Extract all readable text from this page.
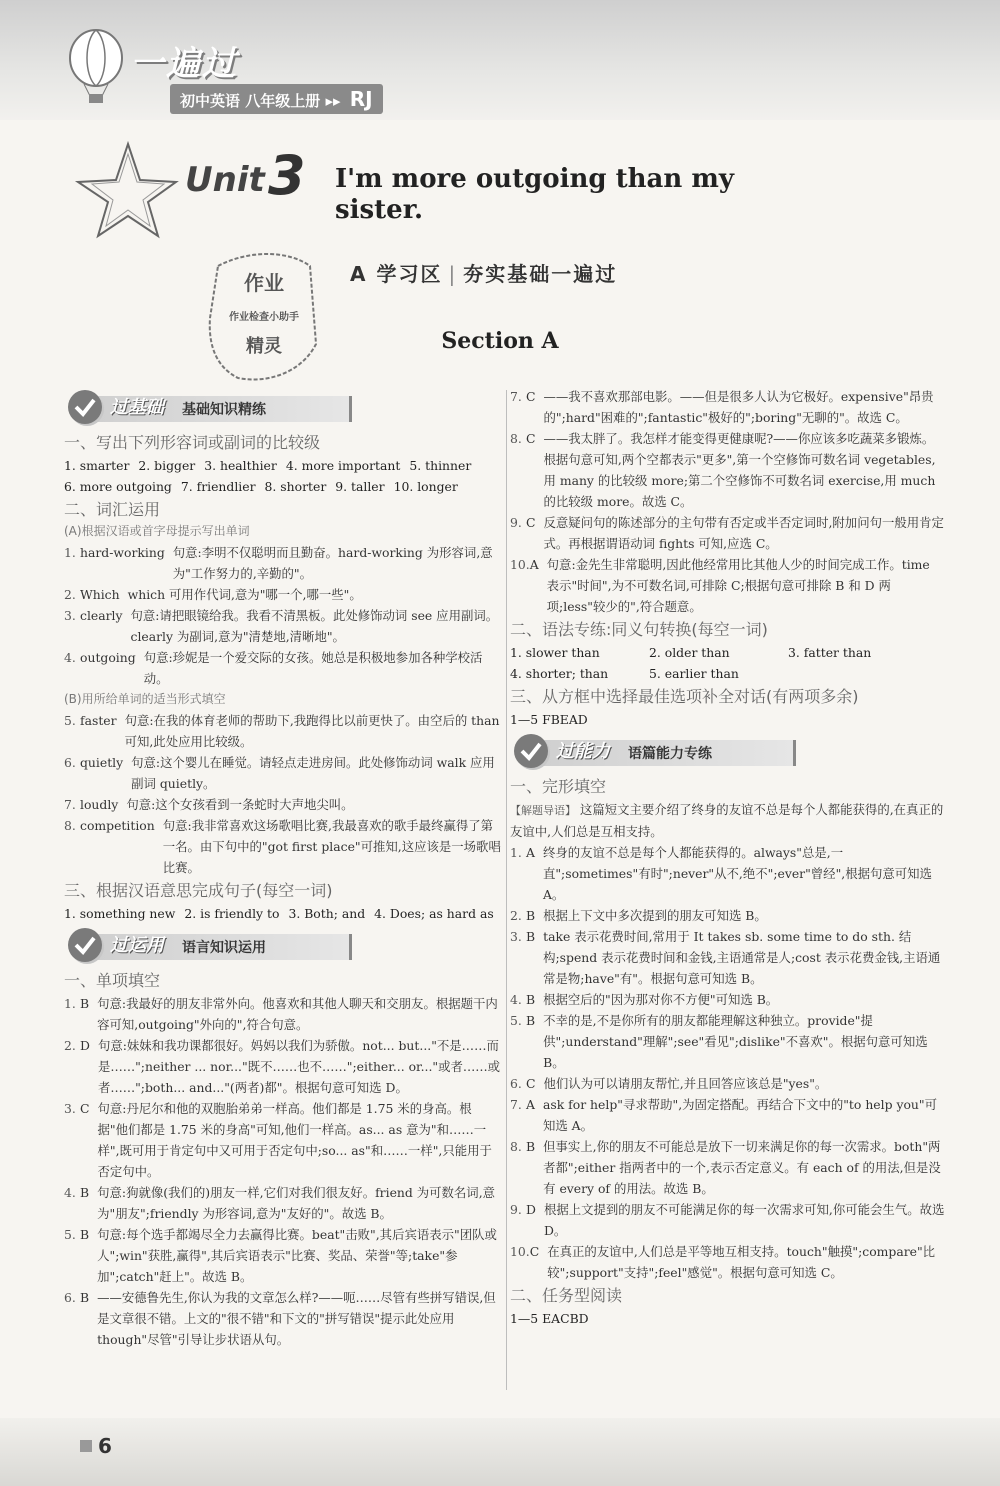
一遍过
初中英语 八年级上册 ▸▸ RJ
Unit 3 I'm more outgoing than my sister.
A 学习区 | 夯实基础一遍过
作业
作业检查小助手
精灵	Section A
过基础 基础知识精练
一、写出下列形容词或副词的比较级
1. smarter 2. bigger 3. healthier 4. more important 5. thinner
6. more outgoing 7. friendlier 8. shorter 9. taller 10. longer
二、词汇运用
(A)根据汉语或首字母提示写出单词
1. hard-working 句意:李明不仅聪明而且勤奋。hard-working 为形容词,意为"工作努力的,辛勤的"。
2. Which which 可用作代词,意为"哪一个,哪一些"。
3. clearly 句意:请把眼镜给我。我看不清黑板。此处修饰动词 see 应用副词。clearly 为副词,意为"清楚地,清晰地"。
4. outgoing 句意:珍妮是一个爱交际的女孩。她总是积极地参加各种学校活动。
(B)用所给单词的适当形式填空
5. faster 句意:在我的体育老师的帮助下,我跑得比以前更快了。由空后的 than 可知,此处应用比较级。
6. quietly 句意:这个婴儿在睡觉。请轻点走进房间。此处修饰动词 walk 应用副词 quietly。
7. loudly 句意:这个女孩看到一条蛇时大声地尖叫。
8. competition 句意:我非常喜欢这场歌唱比赛,我最喜欢的歌手最终赢得了第一名。由下句中的"got first place"可推知,这应该是一场歌唱比赛。
三、根据汉语意思完成句子(每空一词)
1. something new 2. is friendly to 3. Both; and 4. Does; as hard as
过运用 语言知识运用
一、单项填空
1. B 句意:我最好的朋友非常外向。他喜欢和其他人聊天和交朋友。根据题干内容可知,outgoing"外向的",符合句意。
2. D 句意:妹妹和我功课都很好。妈妈以我们为骄傲。not... but..."不是……而是……";neither ... nor..."既不……也不……";either... or..."或者……或者……";both... and..."(两者)都"。根据句意可知选 D。
3. C 句意:丹尼尔和他的双胞胎弟弟一样高。他们都是 1.75 米的身高。根据"他们都是 1.75 米的身高"可知,他们一样高。as... as 意为"和……一样",既可用于肯定句中又可用于否定句中;so... as"和……一样",只能用于否定句中。
4. B 句意:狗就像(我们的)朋友一样,它们对我们很友好。friend 为可数名词,意为"朋友";friendly 为形容词,意为"友好的"。故选 B。
5. B 句意:每个选手都竭尽全力去赢得比赛。beat"击败",其后宾语表示"团队或人";win"获胜,赢得",其后宾语表示"比赛、奖品、荣誉"等;take"参加";catch"赶上"。故选 B。
6. B ——安德鲁先生,你认为我的文章怎么样?——呃……尽管有些拼写错误,但是文章很不错。上文的"很不错"和下文的"拼写错误"提示此处应用 though"尽管"引导让步状语从句。
7. C ——我不喜欢那部电影。——但是很多人认为它极好。expensive"昂贵的";hard"困难的";fantastic"极好的";boring"无聊的"。故选 C。
8. C ——我太胖了。我怎样才能变得更健康呢?——你应该多吃蔬菜多锻炼。根据句意可知,两个空都表示"更多",第一个空修饰可数名词 vegetables,用 many 的比较级 more;第二个空修饰不可数名词 exercise,用 much 的比较级 more。故选 C。
9. C 反意疑问句的陈述部分的主句带有否定或半否定词时,附加问句一般用肯定式。再根据谓语动词 fights 可知,应选 C。
10. A 句意:金先生非常聪明,因此他经常用比其他人少的时间完成工作。time 表示"时间",为不可数名词,可排除 C;根据句意可排除 B 和 D 两项;less"较少的",符合题意。
二、语法专练:同义句转换(每空一词)
1. slower than	2. older than	3. fatter than
4. shorter; than	5. earlier than
三、从方框中选择最佳选项补全对话(有两项多余)
1—5 FBEAD
过能力 语篇能力专练
一、完形填空
【解题导语】 这篇短文主要介绍了终身的友谊不总是每个人都能获得的,在真正的友谊中,人们总是互相支持。
1. A 终身的友谊不总是每个人都能获得的。always"总是,一直";sometimes"有时";never"从不,绝不";ever"曾经",根据句意可知选 A。
2. B 根据上下文中多次提到的朋友可知选 B。
3. B take 表示花费时间,常用于 It takes sb. some time to do sth. 结构;spend 表示花费时间和金钱,主语通常是人;cost 表示花费金钱,主语通常是物;have"有"。根据句意可知选 B。
4. B 根据空后的"因为那对你不方便"可知选 B。
5. B 不幸的是,不是你所有的朋友都能理解这种独立。provide"提供";understand"理解";see"看见";dislike"不喜欢"。根据句意可知选 B。
6. C 他们认为可以请朋友帮忙,并且回答应该总是"yes"。
7. A ask for help"寻求帮助",为固定搭配。再结合下文中的"to help you"可知选 A。
8. B 但事实上,你的朋友不可能总是放下一切来满足你的每一次需求。both"两者都";either 指两者中的一个,表示否定意义。有 each of 的用法,但是没有 every of 的用法。故选 B。
9. D 根据上文提到的朋友不可能满足你的每一次需求可知,你可能会生气。故选 D。
10. C 在真正的友谊中,人们总是平等地互相支持。touch"触摸";compare"比较";support"支持";feel"感觉"。根据句意可知选 C。
二、任务型阅读
1—5 EACBD
6
